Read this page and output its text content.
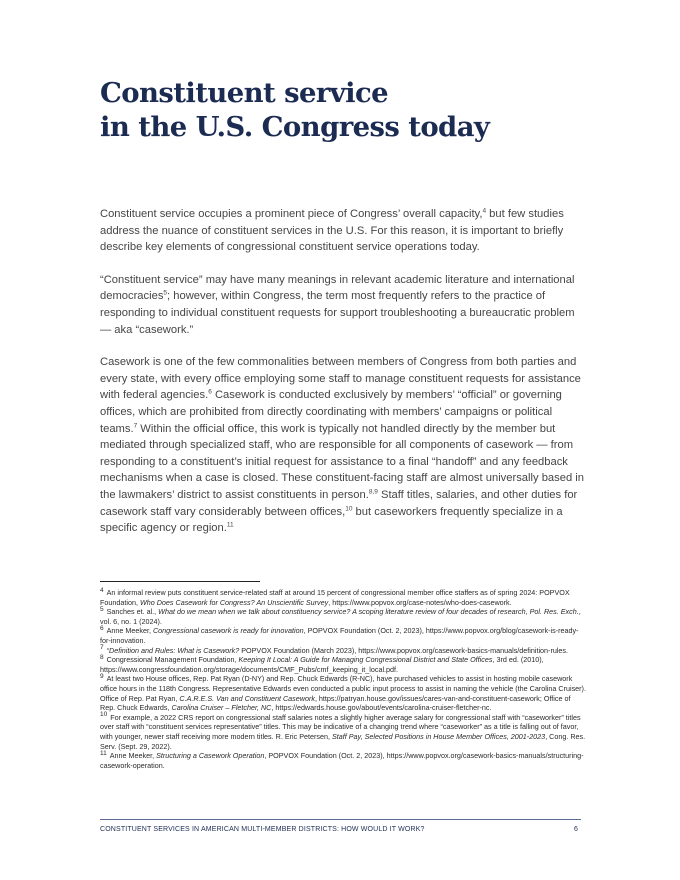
Constituent service
in the U.S. Congress today

Constituent service occupies a prominent piece of Congress’ overall capacity,$^4$ but few studies address the nuance of constituent services in the U.S. For this reason, it is important to briefly describe key elements of congressional constituent service operations today.

“Constituent service” may have many meanings in relevant academic literature and international democracies$^5$; however, within Congress, the term most frequently refers to the practice of responding to individual constituent requests for support troubleshooting a bureaucratic problem — aka “casework.”

Casework is one of the few commonalities between members of Congress from both parties and every state, with every office employing some staff to manage constituent requests for assistance with federal agencies.$^6$ Casework is conducted exclusively by members’ “official” or governing offices, which are prohibited from directly coordinating with members’ campaigns or political teams.$^7$ Within the official office, this work is typically not handled directly by the member but mediated through specialized staff, who are responsible for all components of casework — from responding to a constituent’s initial request for assistance to a final “handoff” and any feedback mechanisms when a case is closed. These constituent-facing staff are almost universally based in the lawmakers’ district to assist constituents in person.$^{8,9}$ Staff titles, salaries, and other duties for casework staff vary considerably between offices,$^{10}$ but caseworkers frequently specialize in a specific agency or region.$^{11}$

$^4$ An informal review puts constituent service-related staff at around 15 percent of congressional member office staffers as of spring 2024: POPVOX Foundation, Who Does Casework for Congress? An Unscientific Survey, https://www.popvox.org/case-notes/who-does-casework.

$^5$ Sanches et. al., What do we mean when we talk about constituency service? A scoping literature review of four decades of research, Pol. Res. Exch., vol. 6, no. 1 (2024).

$^6$ Anne Meeker, Congressional casework is ready for innovation, POPVOX Foundation (Oct. 2, 2023), https://www.popvox.org/blog/casework-is-ready-for-innovation.

$^7$ “Definition and Rules: What is Casework? POPVOX Foundation (March 2023), https://www.popvox.org/casework-basics-manuals/definition-rules.

$^8$ Congressional Management Foundation, Keeping It Local: A Guide for Managing Congressional District and State Offices, 3rd ed. (2010), https://www.congressfoundation.org/storage/documents/CMF_Pubs/cmf_keeping_it_local.pdf.

$^9$ At least two House offices, Rep. Pat Ryan (D-NY) and Rep. Chuck Edwards (R-NC), have purchased vehicles to assist in hosting mobile casework office hours in the 118th Congress. Representative Edwards even conducted a public input process to assist in naming the vehicle (the Carolina Cruiser). Office of Rep. Pat Ryan, C.A.R.E.S. Van and Constituent Casework, https://patryan.house.gov/issues/cares-van-and-constituent-casework; Office of Rep. Chuck Edwards, Carolina Cruiser – Fletcher, NC, https://edwards.house.gov/about/events/carolina-cruiser-fletcher-nc.

$^{10}$ For example, a 2022 CRS report on congressional staff salaries notes a slightly higher average salary for congressional staff with “caseworker” titles over staff with “constituent services representative” titles. This may be indicative of a changing trend where “caseworker” as a title is falling out of favor, with younger, newer staff receiving more modern titles. R. Eric Petersen, Staff Pay, Selected Positions in House Member Offices, 2001-2023, Cong. Res. Serv. (Sept. 29, 2022).

$^{11}$ Anne Meeker, Structuring a Casework Operation, POPVOX Foundation (Oct. 2, 2023), https://www.popvox.org/casework-basics-manuals/structuring-casework-operation.

CONSTITUENT SERVICES IN AMERICAN MULTI-MEMBER DISTRICTS: HOW WOULD IT WORK?	6
